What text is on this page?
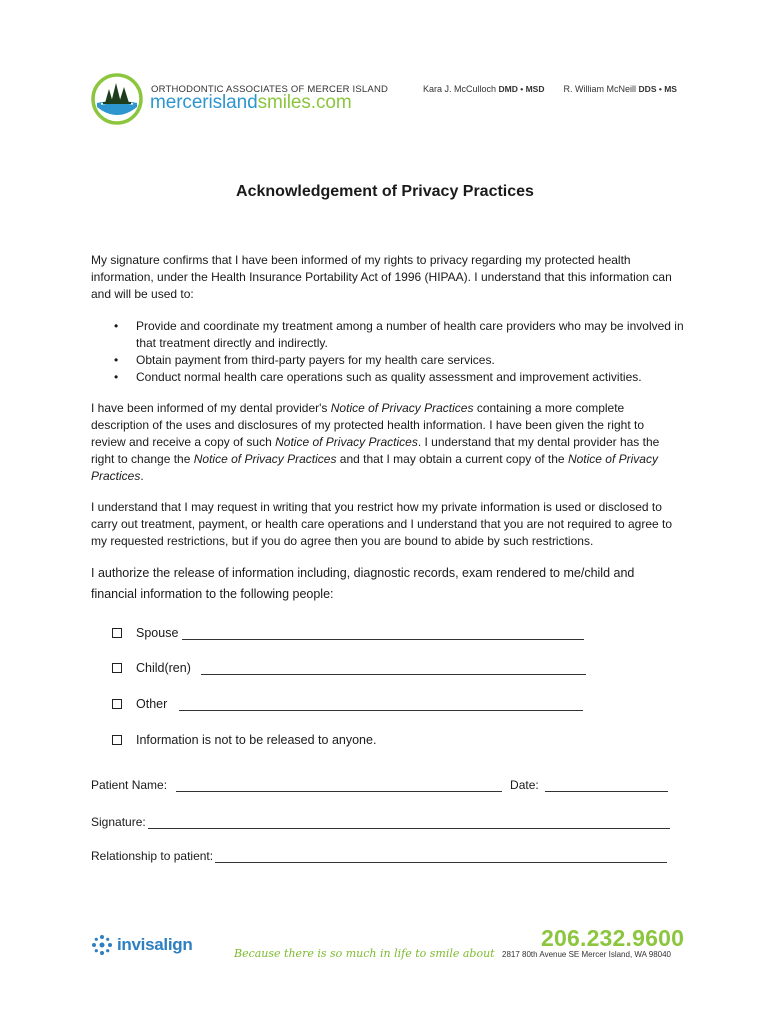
ORTHODONTIC ASSOCIATES OF MERCER ISLAND
mercerislandsmiles.com
Kara J. McCulloch DMD • MSD R. William McNeill DDS • MS
Acknowledgement of Privacy Practices

My signature confirms that I have been informed of my rights to privacy regarding my protected health information, under the Health Insurance Portability Act of 1996 (HIPAA). I understand that this information can and will be used to:

• Provide and coordinate my treatment among a number of health care providers who may be involved in that treatment directly and indirectly.
• Obtain payment from third-party payers for my health care services.
• Conduct normal health care operations such as quality assessment and improvement activities.

I have been informed of my dental provider's Notice of Privacy Practices containing a more complete description of the uses and disclosures of my protected health information. I have been given the right to review and receive a copy of such Notice of Privacy Practices. I understand that my dental provider has the right to change the Notice of Privacy Practices and that I may obtain a current copy of the Notice of Privacy Practices.

I understand that I may request in writing that you restrict how my private information is used or disclosed to carry out treatment, payment, or health care operations and I understand that you are not required to agree to my requested restrictions, but if you do agree then you are bound to abide by such restrictions.

I authorize the release of information including, diagnostic records, exam rendered to me/child and financial information to the following people:

Spouse
Child(ren)
Other
Information is not to be released to anyone.
Patient Name:	Date:
Signature:
Relationship to patient:
invisalign	Because there is so much in life to smile about
206.232.9600
2817 80th Avenue SE Mercer Island, WA 98040
